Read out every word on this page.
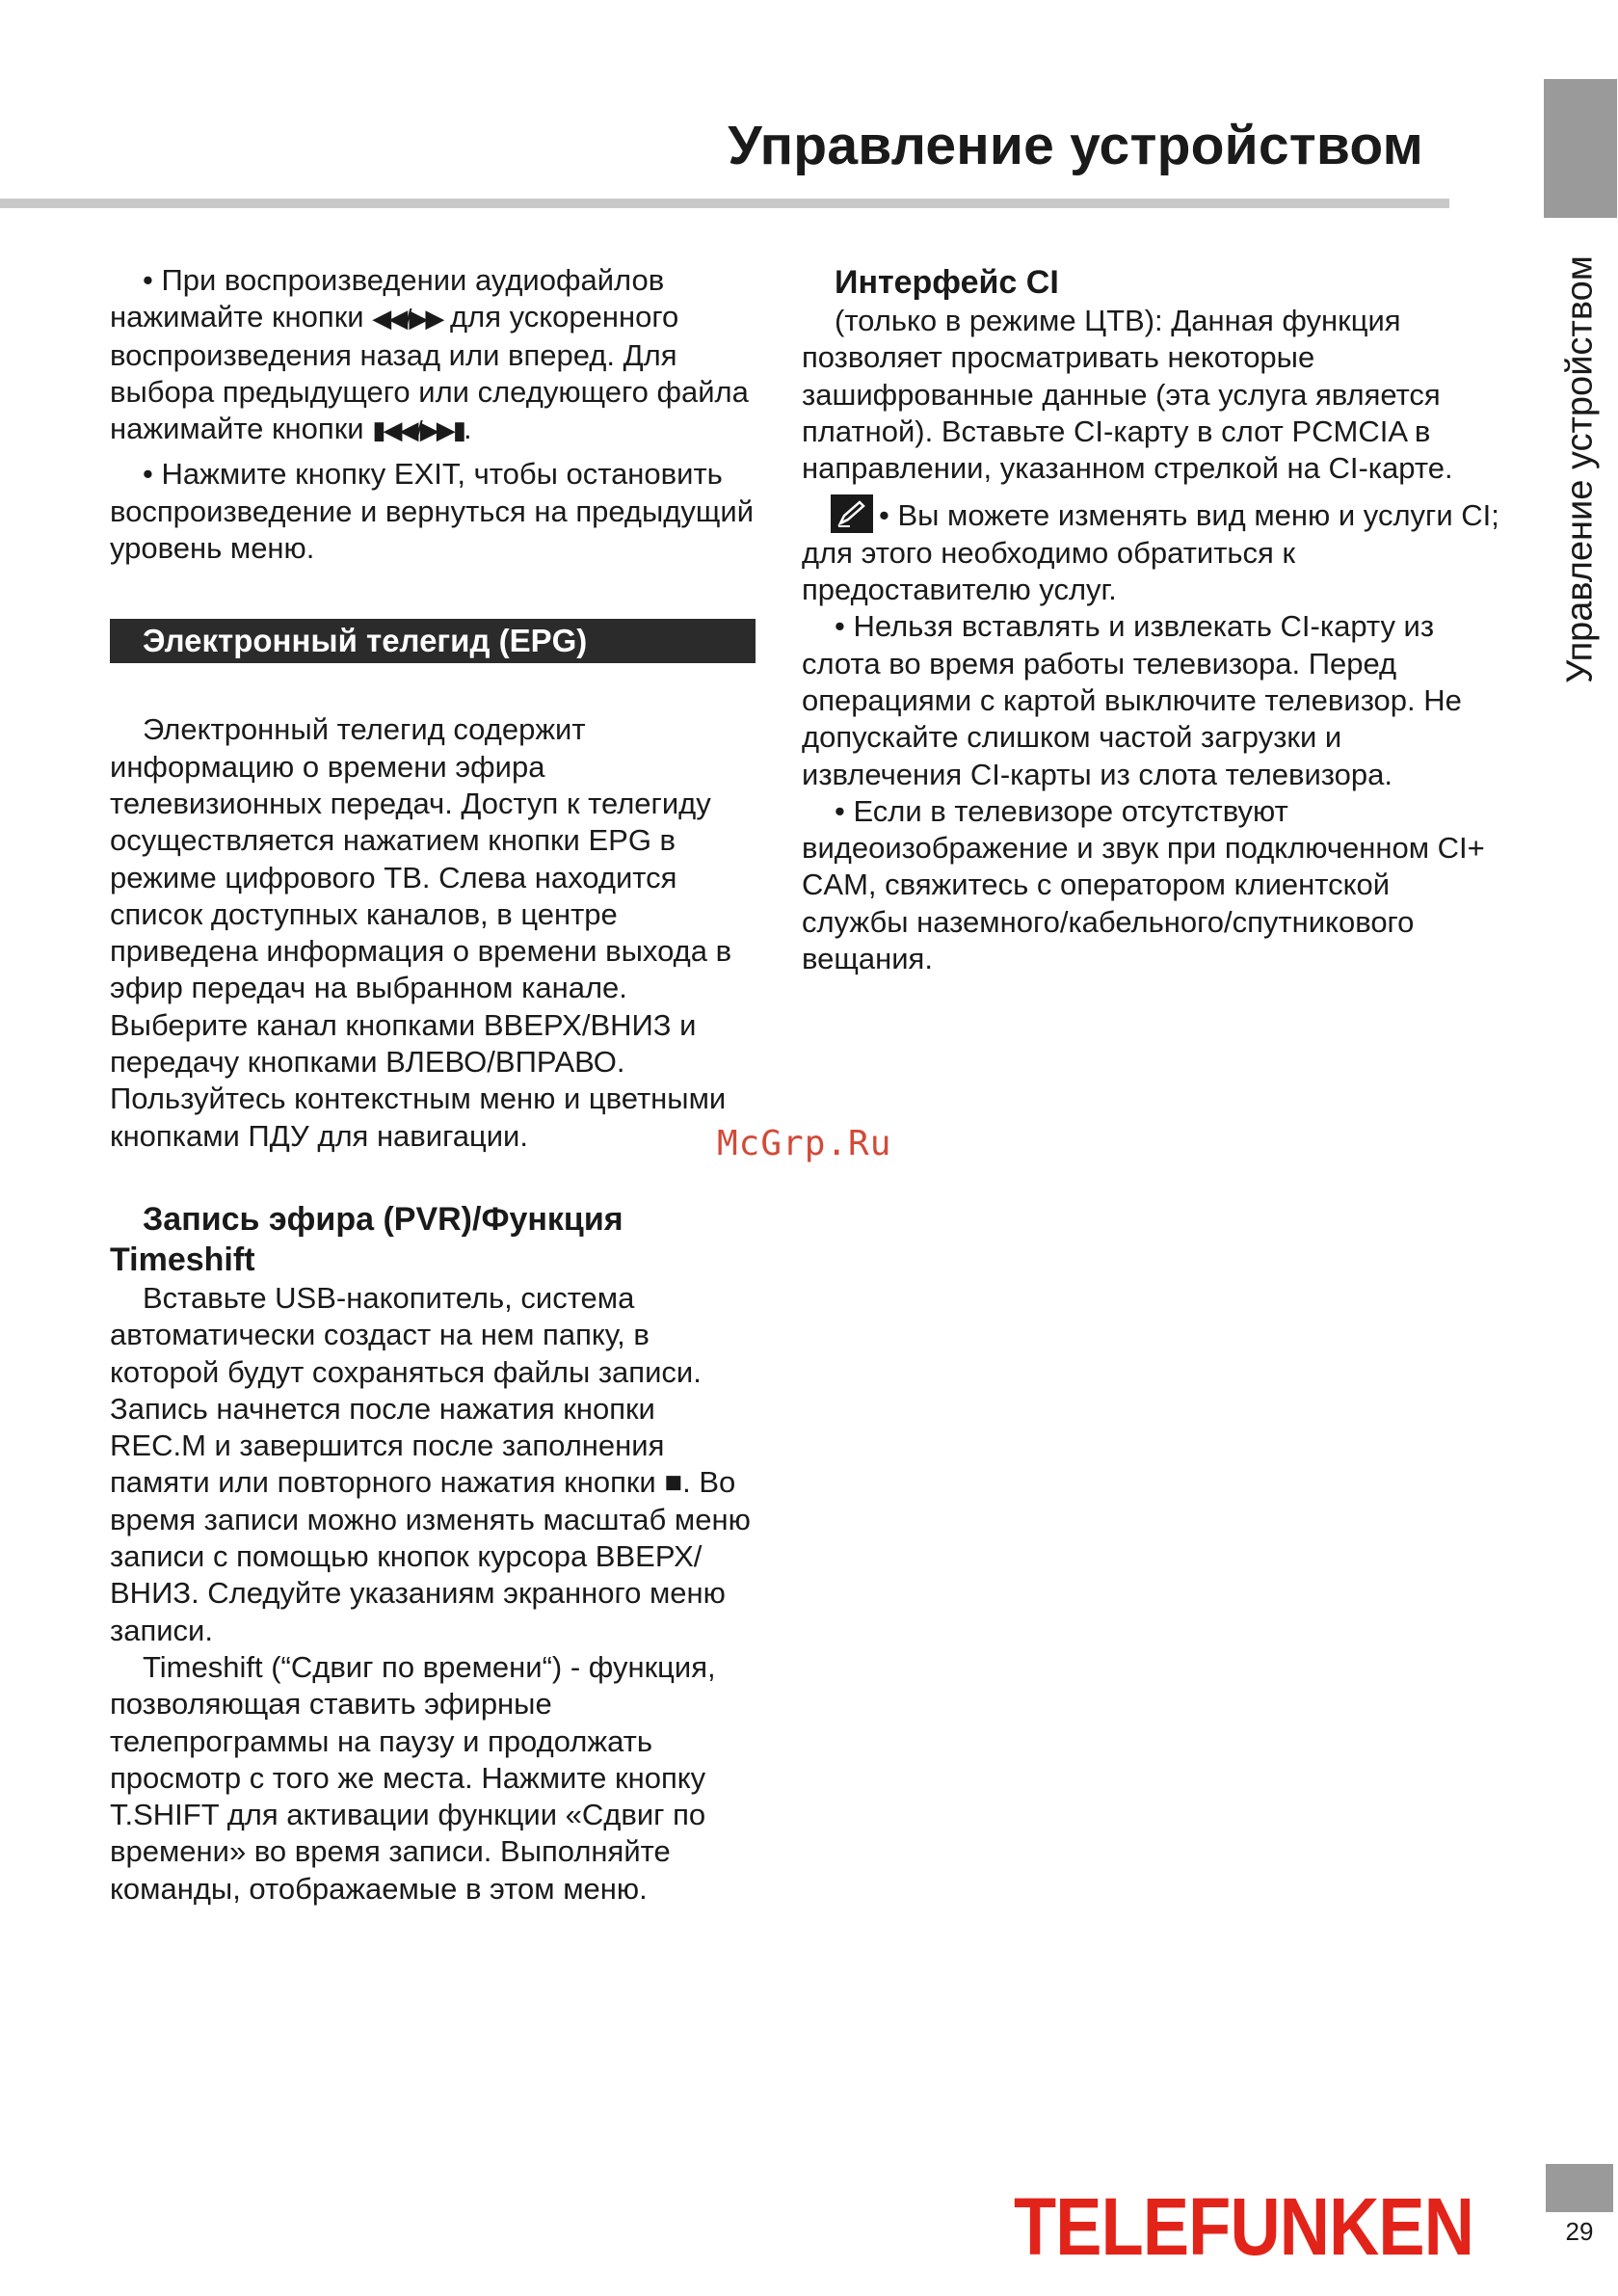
Управление устройством
Управление устройством

• При воспроизведении аудиофайлов нажимайте кнопки ◀◀/▶▶ для ускоренного воспроизведения назад или вперед. Для выбора предыдущего или следующего файла нажимайте кнопки ▮◀◀/▶▶▮.

• Нажмите кнопку EXIT, чтобы остановить воспроизведение и вернуться на предыдущий уровень меню.

Электронный телегид (EPG)

Электронный телегид содержит информацию о времени эфира телевизионных передач. Доступ к телегиду осуществляется нажатием кнопки EPG в режиме цифрового ТВ. Слева находится список доступных каналов, в центре приведена информация о времени выхода в эфир передач на выбранном канале. Выберите канал кнопками ВВЕРХ/ВНИЗ и передачу кнопками ВЛЕВО/ВПРАВО. Пользуйтесь контекстным меню и цветными кнопками ПДУ для навигации.

Запись эфира (PVR)/Функция

Timeshift

Вставьте USB-накопитель, система автоматически создаст на нем папку, в которой будут сохраняться файлы записи. Запись начнется после нажатия кнопки REC.M и завершится после заполнения памяти или повторного нажатия кнопки ■. Во время записи можно изменять масштаб меню записи с помощью кнопок курсора ВВЕРХ/ВНИЗ. Следуйте указаниям экранного меню записи.

Timeshift (“Сдвиг по времени“) - функция, позволяющая ставить эфирные телепрограммы на паузу и продолжать просмотр с того же места. Нажмите кнопку T.SHIFT для активации функции «Сдвиг по времени» во время записи. Выполняйте команды, отображаемые в этом меню.

Интерфейс CI

(только в режиме ЦТВ): Данная функция позволяет просматривать некоторые зашифрованные данные (эта услуга является платной). Вставьте CI-карту в слот PCMCIA в направлении, указанном стрелкой на CI-карте.

• Вы можете изменять вид меню и услуги CI; для этого необходимо обратиться к предоставителю услуг.

• Нельзя вставлять и извлекать CI-карту из слота во время работы телевизора. Перед операциями с картой выключите телевизор. Не допускайте слишком частой загрузки и извлечения CI-карты из слота телевизора.

• Если в телевизоре отсутствуют видеоизображение и звук при подключенном CI+ CAM, свяжитесь с оператором клиентской службы наземного/кабельного/спутникового вещания.

McGrp.Ru
TELEFUNKEN	29
